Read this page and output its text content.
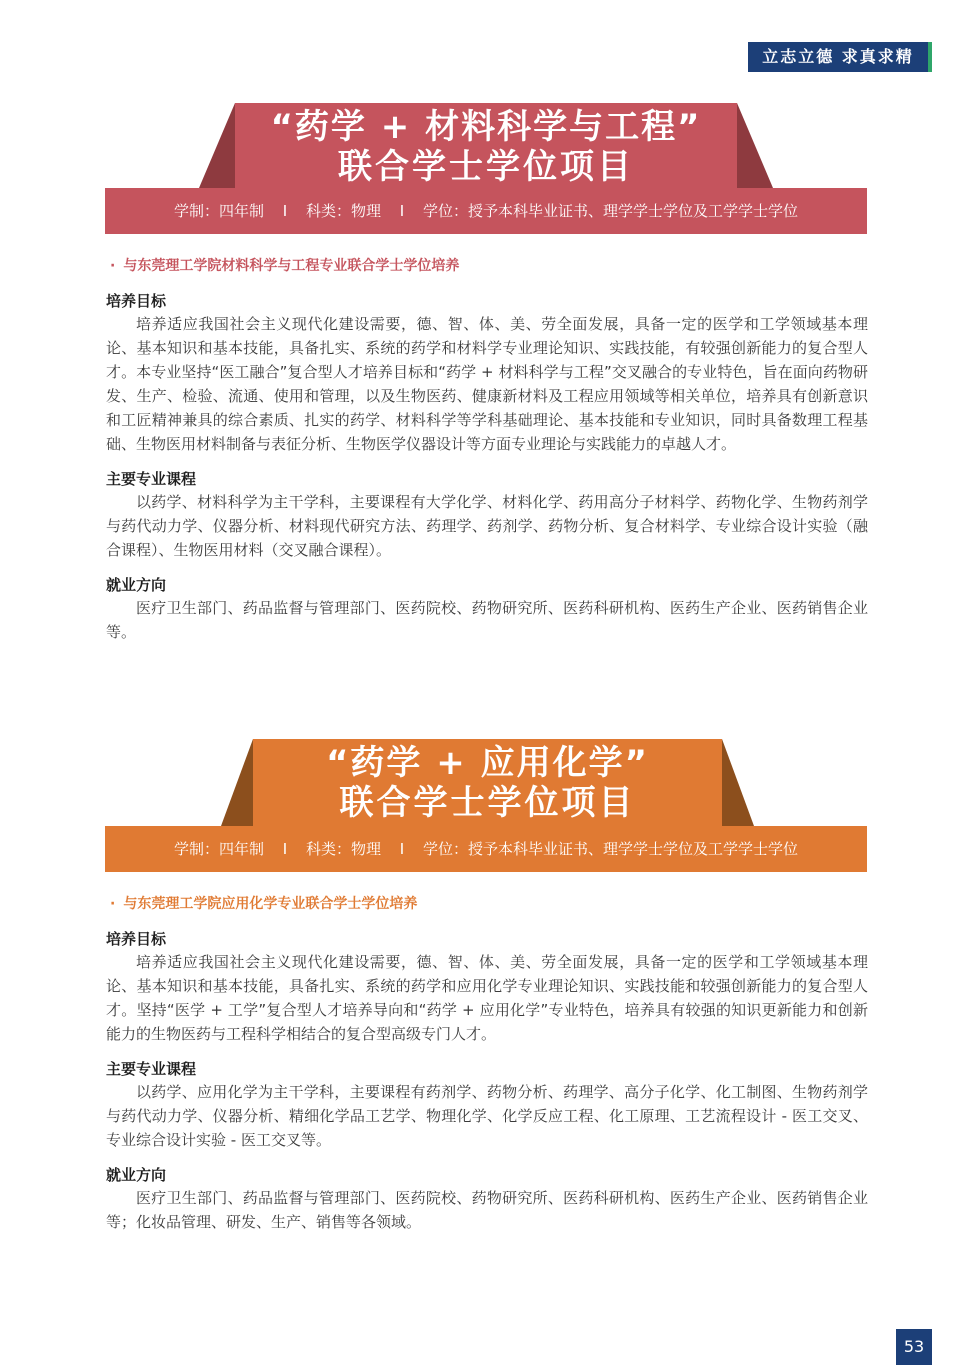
立志立德 求真求精
“药学 + 材料科学与工程”
联合学士学位项目
学制：四年制 I 科类：物理 I 学位：授予本科毕业证书、理学学士学位及工学学士学位
· 与东莞理工学院材料科学与工程专业联合学士学位培养
培养目标

培养适应我国社会主义现代化建设需要，德、智、体、美、劳全面发展，具备一定的医学和工学领域基本理论、基本知识和基本技能，具备扎实、系统的药学和材料学专业理论知识、实践技能，有较强创新能力的复合型人才。本专业坚持“医工融合”复合型人才培养目标和“药学 + 材料科学与工程”交叉融合的专业特色，旨在面向药物研发、生产、检验、流通、使用和管理，以及生物医药、健康新材料及工程应用领域等相关单位，培养具有创新意识和工匠精神兼具的综合素质、扎实的药学、材料科学等学科基础理论、基本技能和专业知识，同时具备数理工程基础、生物医用材料制备与表征分析、生物医学仪器设计等方面专业理论与实践能力的卓越人才。

主要专业课程

以药学、材料科学为主干学科，主要课程有大学化学、材料化学、药用高分子材料学、药物化学、生物药剂学与药代动力学、仪器分析、材料现代研究方法、药理学、药剂学、药物分析、复合材料学、专业综合设计实验（融合课程）、生物医用材料（交叉融合课程）。

就业方向

医疗卫生部门、药品监督与管理部门、医药院校、药物研究所、医药科研机构、医药生产企业、医药销售企业等。

“药学 + 应用化学”
联合学士学位项目
学制：四年制 I 科类：物理 I 学位：授予本科毕业证书、理学学士学位及工学学士学位
· 与东莞理工学院应用化学专业联合学士学位培养
培养目标

培养适应我国社会主义现代化建设需要，德、智、体、美、劳全面发展，具备一定的医学和工学领域基本理论、基本知识和基本技能，具备扎实、系统的药学和应用化学专业理论知识、实践技能和较强创新能力的复合型人才。坚持“医学 + 工学”复合型人才培养导向和“药学 + 应用化学”专业特色，培养具有较强的知识更新能力和创新能力的生物医药与工程科学相结合的复合型高级专门人才。

主要专业课程

以药学、应用化学为主干学科，主要课程有药剂学、药物分析、药理学、高分子化学、化工制图、生物药剂学与药代动力学、仪器分析、精细化学品工艺学、物理化学、化学反应工程、化工原理、工艺流程设计 - 医工交叉、专业综合设计实验 - 医工交叉等。

就业方向

医疗卫生部门、药品监督与管理部门、医药院校、药物研究所、医药科研机构、医药生产企业、医药销售企业等；化妆品管理、研发、生产、销售等各领域。

53
